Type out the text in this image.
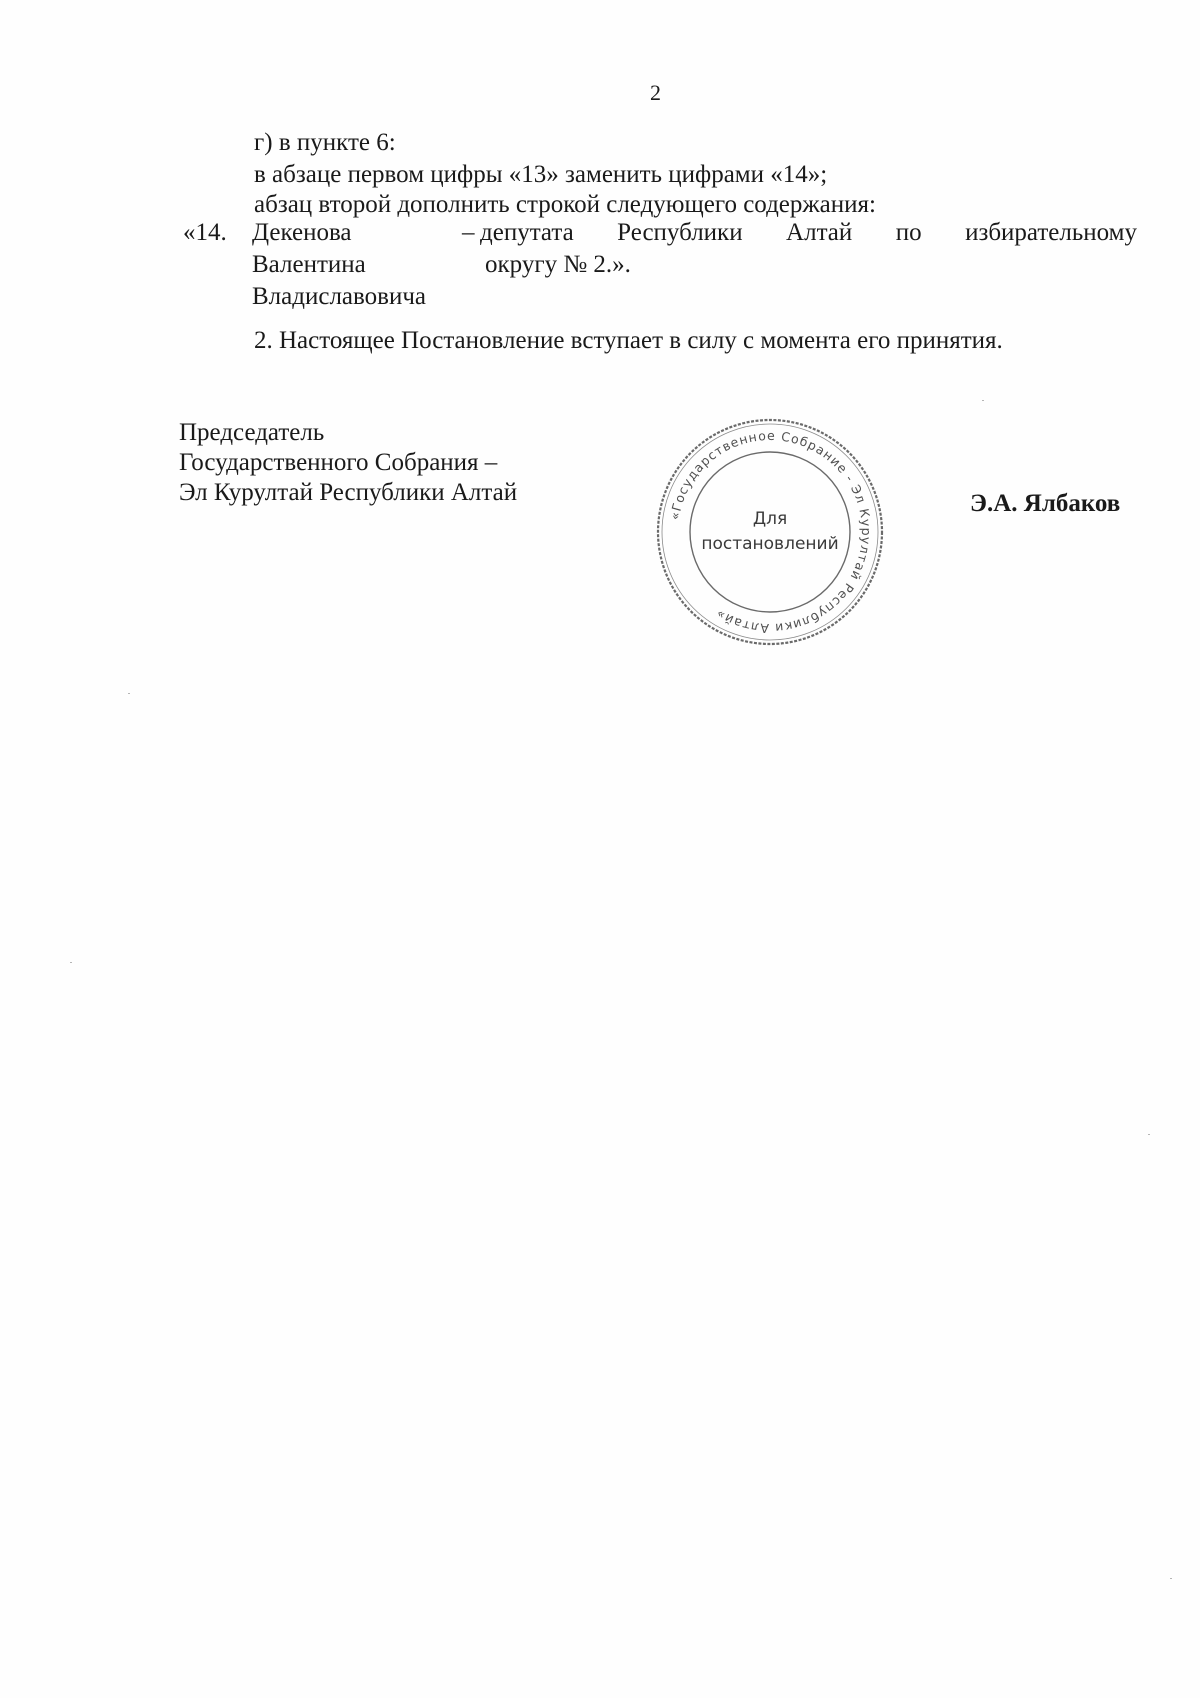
2
г) в пункте 6:
в абзаце первом цифры «13» заменить цифрами «14»;
абзац второй дополнить строкой следующего содержания:
«14. Декенова
Валентина
Владиславовича
– депутата Республики Алтай по избирательному
округу № 2.».
2. Настоящее Постановление вступает в силу с момента его принятия.
Председатель
Государственного Собрания –
Эл Курултай Республики Алтай
«Государственное Собрание - Эл Курултай Республики Алтай»
Для
постановлений
Э.А. Ялбаков
